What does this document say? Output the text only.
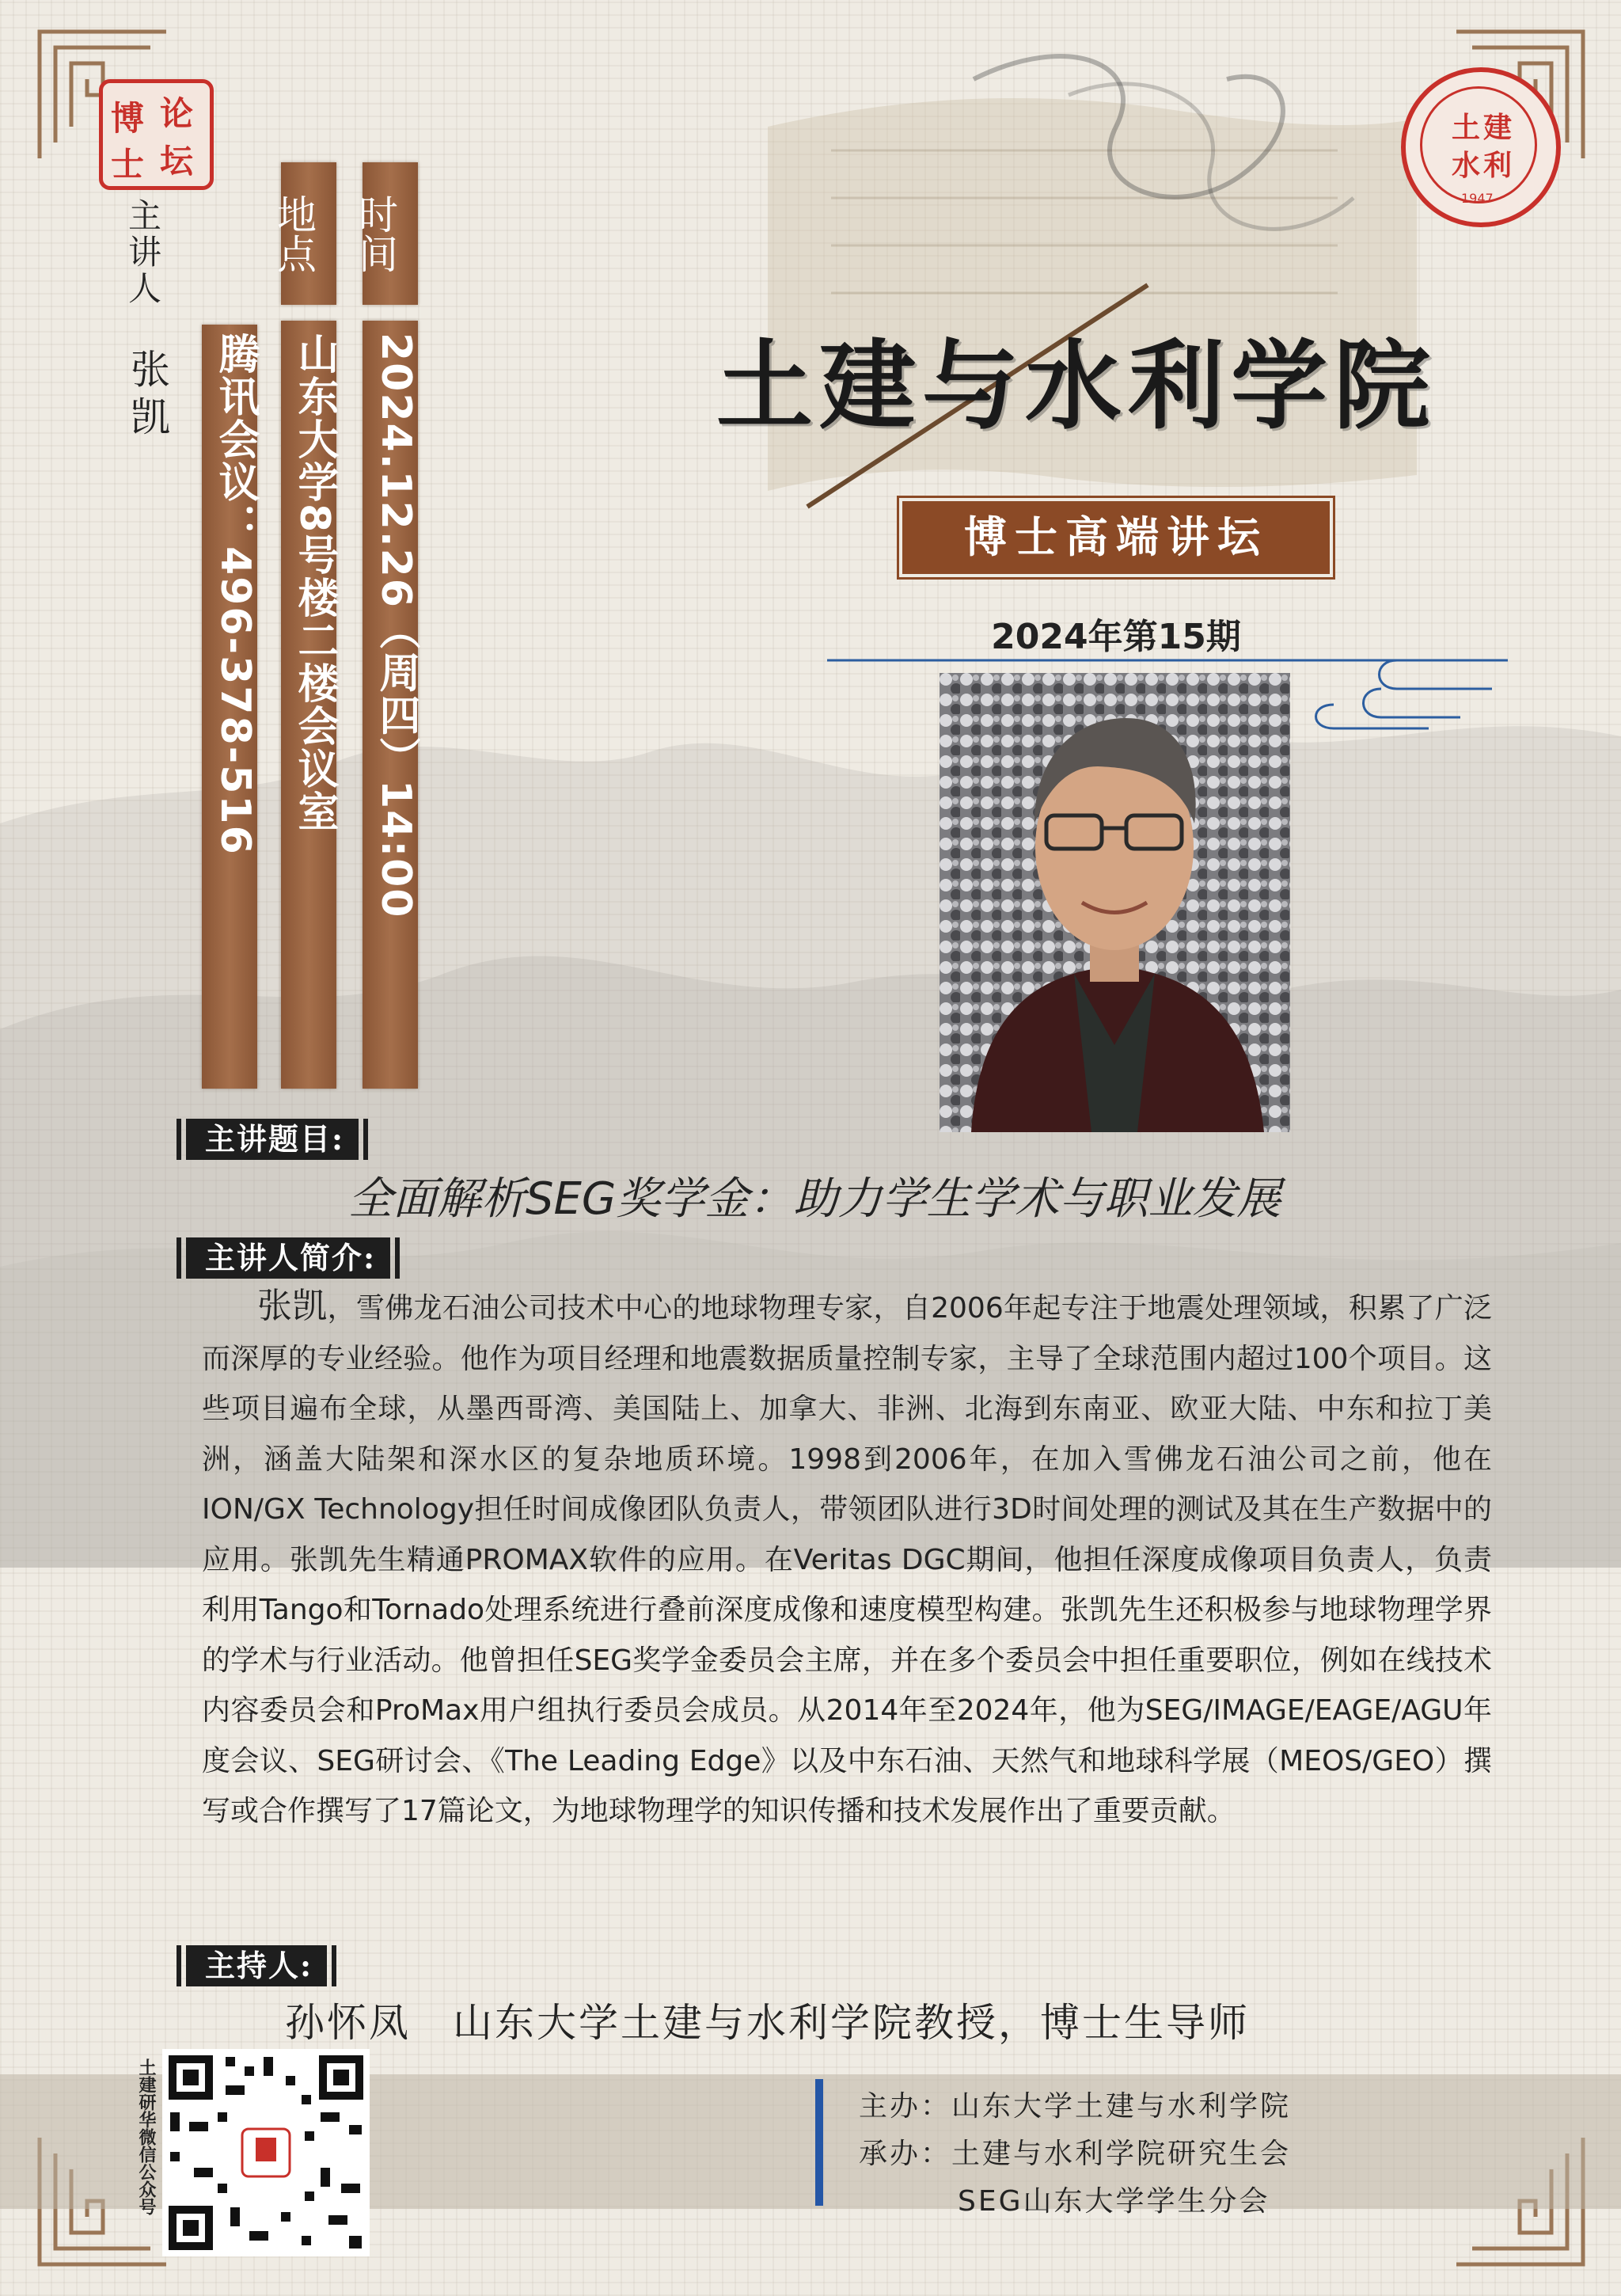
博 论
士 坛
土 建
水 利
1947
主讲人
张凯
地点 时间
腾讯会议：496-378-516 山东大学8号楼二楼会议室 2024.12.26（周四）14:00	土建与水利学院
博士高端讲坛
2024年第15期
主讲题目:
全面解析SEG奖学金：助力学生学术与职业发展
主讲人简介:
张凯，雪佛龙石油公司技术中心的地球物理专家，自2006年起专注于地震处理领域，积累了广泛而深厚的专业经验。他作为项目经理和地震数据质量控制专家，主导了全球范围内超过100个项目。这些项目遍布全球，从墨西哥湾、美国陆上、加拿大、非洲、北海到东南亚、欧亚大陆、中东和拉丁美洲，涵盖大陆架和深水区的复杂地质环境。1998到2006年，在加入雪佛龙石油公司之前，他在ION/GX Technology担任时间成像团队负责人，带领团队进行3D时间处理的测试及其在生产数据中的应用。张凯先生精通PROMAX软件的应用。在Veritas DGC期间，他担任深度成像项目负责人，负责利用Tango和Tornado处理系统进行叠前深度成像和速度模型构建。张凯先生还积极参与地球物理学界的学术与行业活动。他曾担任SEG奖学金委员会主席，并在多个委员会中担任重要职位，例如在线技术内容委员会和ProMax用户组执行委员会成员。从2014年至2024年，他为SEG/IMAGE/EAGE/AGU年度会议、SEG研讨会、《The Leading Edge》以及中东石油、天然气和地球科学展（MEOS/GEO）撰写或合作撰写了17篇论文，为地球物理学的知识传播和技术发展作出了重要贡献。
主持人:
孙怀凤　山东大学土建与水利学院教授，博士生导师
土建研华微信公众号	主办：山东大学土建与水利学院
承办：土建与水利学院研究生会
SEG山东大学学生分会
